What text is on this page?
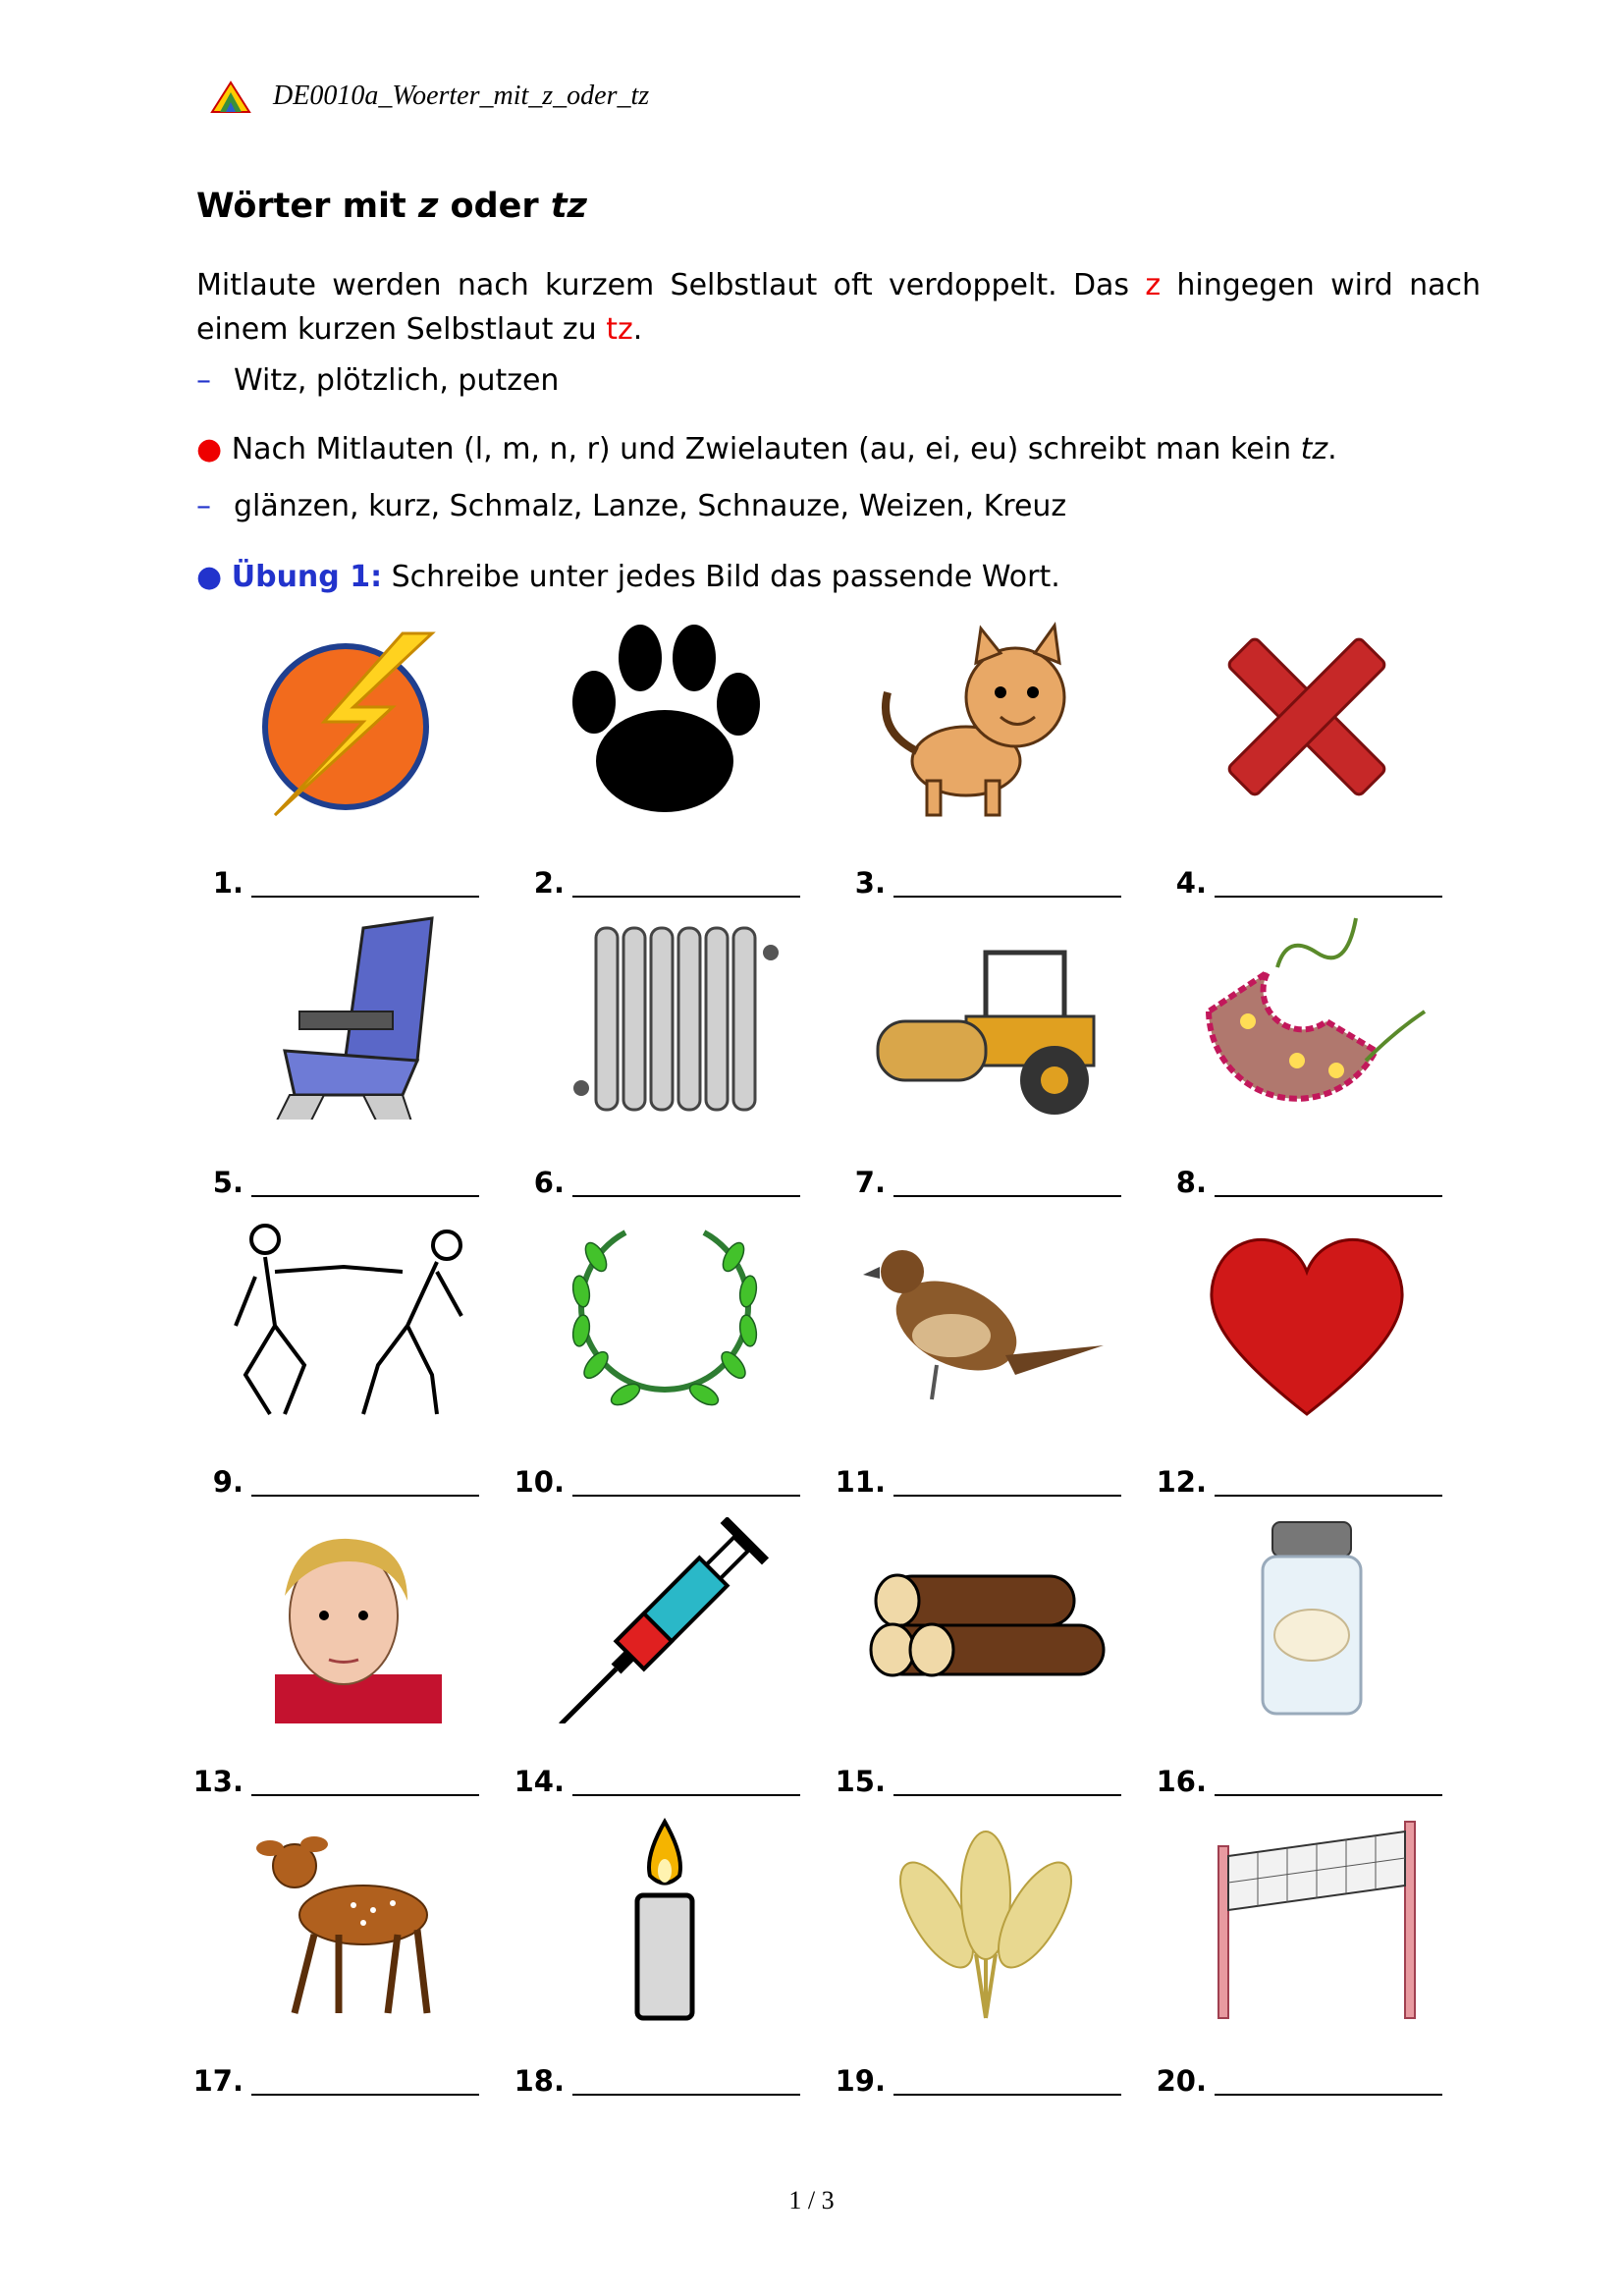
DE0010a_Woerter_mit_z_oder_tz
Wörter mit z oder tz
Mitlaute werden nach kurzem Selbstlaut oft verdoppelt. Das z hingegen wird nach einem kurzen Selbstlaut zu tz.
– Witz, plötzlich, putzen
● Nach Mitlauten (l, m, n, r) und Zwielauten (au, ei, eu) schreibt man kein tz.
– glänzen, kurz, Schmalz, Lanze, Schnauze, Weizen, Kreuz
● Übung 1: Schreibe unter jedes Bild das passende Wort.
1.	2.	3.	4.
5.	6.	7.	8.
9.	10.	11.	12.
13.	14.	15.	16.
17.	18.	19.	20.
1 / 3
